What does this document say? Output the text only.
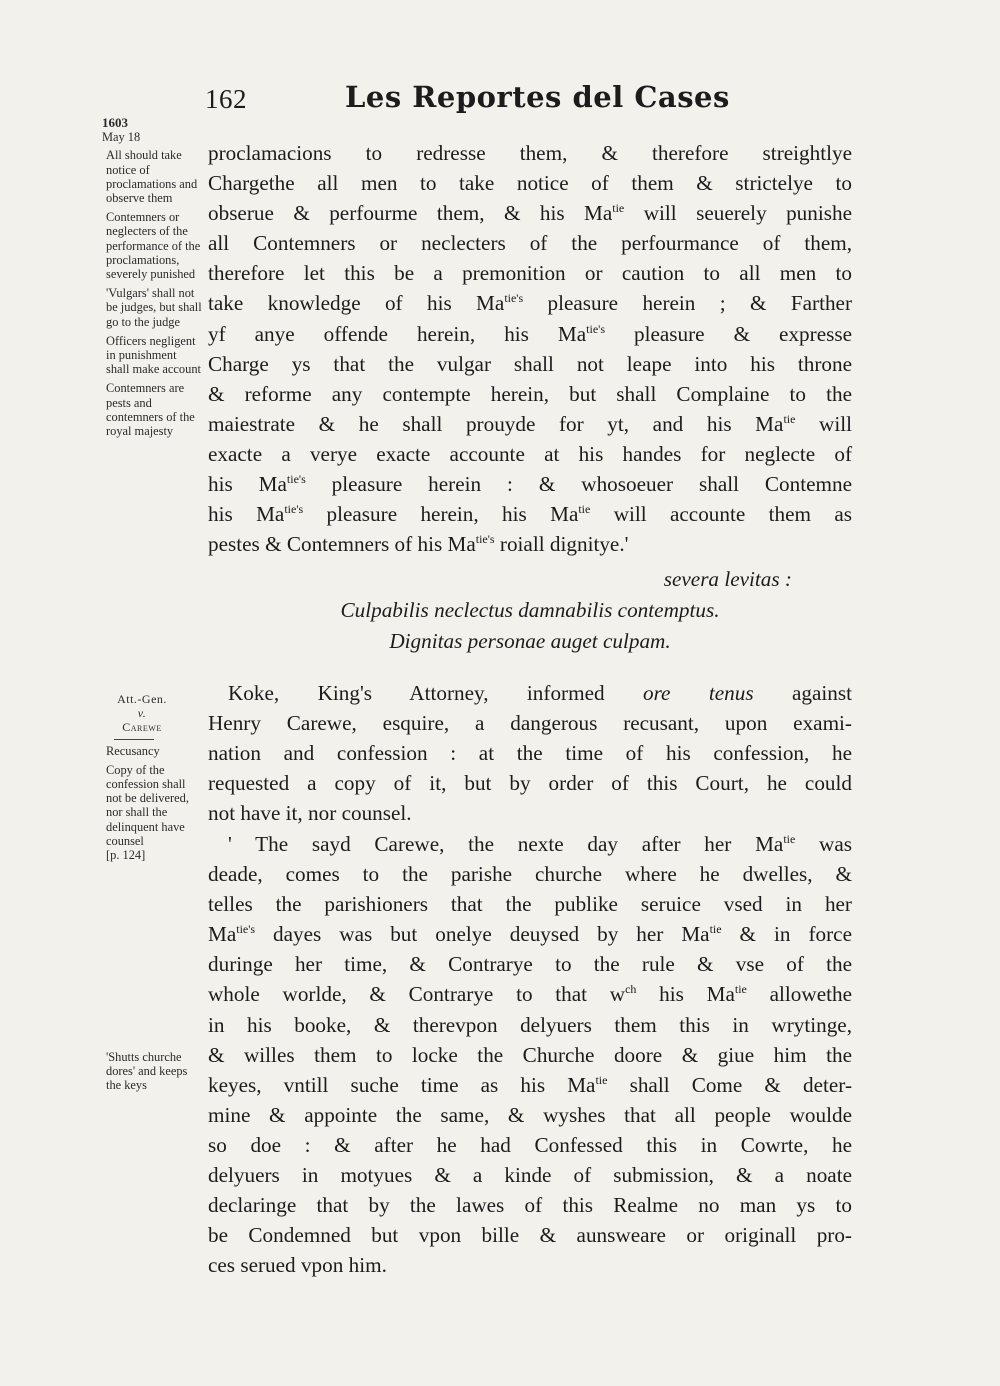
162	Les Reportes del Cases
1603
May 18
All should take notice of proclamations and observe them
Contemners or neglecters of the performance of the proclamations, severely punished
'Vulgars' shall not be judges, but shall go to the judge
Officers negligent in punishment shall make account
Contemners are pests and contemners of the royal majesty
Att.-Gen.
v.
Carewe
Recusancy
Copy of the confession shall not be delivered, nor shall the delinquent have counsel
[p. 124]
'Shutts churche dores' and keeps the keys
proclamacions to redresse them, & therefore streightlye
Chargethe all men to take notice of them & strictelye to
obserue & perfourme them, & his $Ma^{tie}$ will seuerely punishe
all Contemners or neclecters of the perfourmance of them,
therefore let this be a premonition or caution to all men to
take knowledge of his $Ma^{tie's}$ pleasure herein ; & Farther
yf anye offende herein, his $Ma^{tie's}$ pleasure & expresse
Charge ys that the vulgar shall not leape into his throne
& reforme any contempte herein, but shall Complaine to the
maiestrate & he shall prouyde for yt, and his $Ma^{tie}$ will
exacte a verye exacte accounte at his handes for neglecte of
his $Ma^{tie's}$ pleasure herein : & whosoeuer shall Contemne
his $Ma^{tie's}$ pleasure herein, his $Ma^{tie}$ will accounte them as
pestes & Contemners of his $Ma^{tie's}$ roiall dignitye.'
severa levitas :
Culpabilis neclectus damnabilis contemptus.
Dignitas personae auget culpam.
Koke, King's Attorney, informed ore tenus against
Henry Carewe, esquire, a dangerous recusant, upon exami-
nation and confession : at the time of his confession, he
requested a copy of it, but by order of this Court, he could
not have it, nor counsel.
' The sayd Carewe, the nexte day after her $Ma^{tie}$ was
deade, comes to the parishe churche where he dwelles, &
telles the parishioners that the publike seruice vsed in her
$Ma^{tie's}$ dayes was but onelye deuysed by her $Ma^{tie}$ & in force
duringe her time, & Contrarye to the rule & vse of the
whole worlde, & Contrarye to that $w^{ch}$ his $Ma^{tie}$ allowethe
in his booke, & therevpon delyuers them this in wrytinge,
& willes them to locke the Churche doore & giue him the
keyes, vntill suche time as his $Ma^{tie}$ shall Come & deter-
mine & appointe the same, & wyshes that all people woulde
so doe : & after he had Confessed this in Cowrte, he
delyuers in motyues & a kinde of submission, & a noate
declaringe that by the lawes of this Realme no man ys to
be Condemned but vpon bille & aunsweare or originall pro-
ces serued vpon him.
